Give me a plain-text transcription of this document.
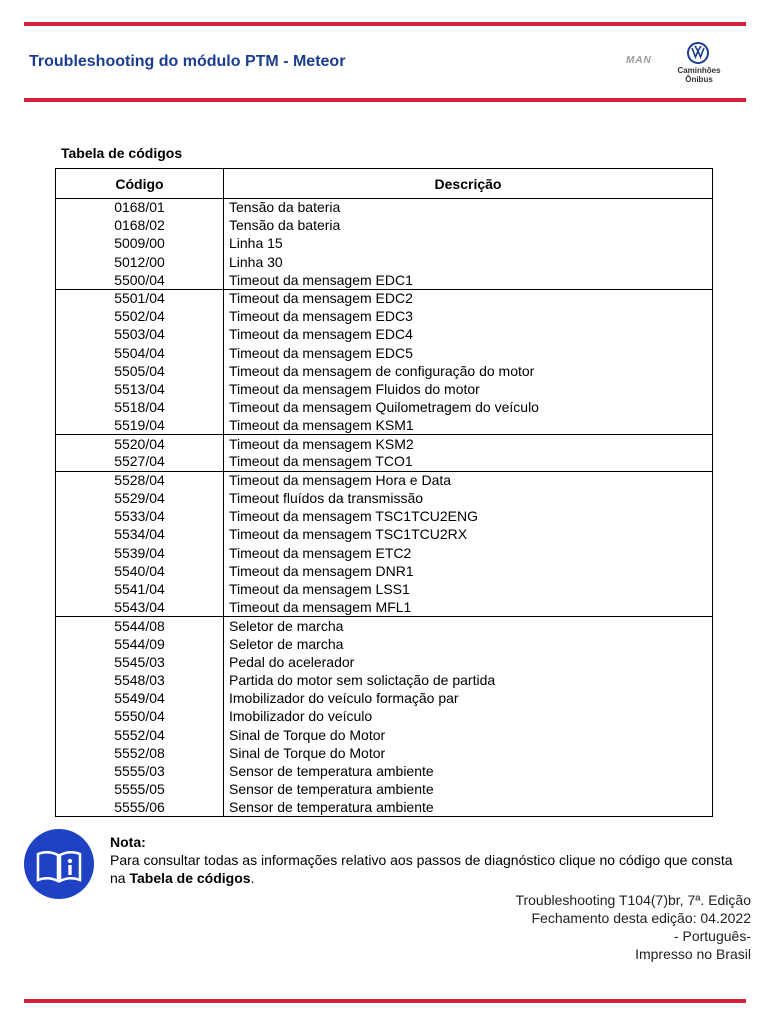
Troubleshooting do módulo PTM - Meteor	MAN
Caminhões
Ônibus
Tabela de códigos
Código	Descrição
0168/01	Tensão da bateria
0168/02	Tensão da bateria
5009/00	Linha 15
5012/00	Linha 30
5500/04	Timeout da mensagem EDC1
5501/04	Timeout da mensagem EDC2
5502/04	Timeout da mensagem EDC3
5503/04	Timeout da mensagem EDC4
5504/04	Timeout da mensagem EDC5
5505/04	Timeout da mensagem de configuração do motor
5513/04	Timeout da mensagem Fluidos do motor
5518/04	Timeout da mensagem Quilometragem do veículo
5519/04	Timeout da mensagem KSM1
5520/04	Timeout da mensagem KSM2
5527/04	Timeout da mensagem TCO1
5528/04	Timeout da mensagem Hora e Data
5529/04	Timeout fluídos da transmissão
5533/04	Timeout da mensagem TSC1TCU2ENG
5534/04	Timeout da mensagem TSC1TCU2RX
5539/04	Timeout da mensagem ETC2
5540/04	Timeout da mensagem DNR1
5541/04	Timeout da mensagem LSS1
5543/04	Timeout da mensagem MFL1
5544/08	Seletor de marcha
5544/09	Seletor de marcha
5545/03	Pedal do acelerador
5548/03	Partida do motor sem solictação de partida
5549/04	Imobilizador do veículo formação par
5550/04	Imobilizador do veículo
5552/04	Sinal de Torque do Motor
5552/08	Sinal de Torque do Motor
5555/03	Sensor de temperatura ambiente
5555/05	Sensor de temperatura ambiente
5555/06	Sensor de temperatura ambiente
Nota:
Para consultar todas as informações relativo aos passos de diagnóstico clique no código que consta na Tabela de códigos.
Troubleshooting T104(7)br, 7ª. Edição
Fechamento desta edição: 04.2022
- Português-
Impresso no Brasil
